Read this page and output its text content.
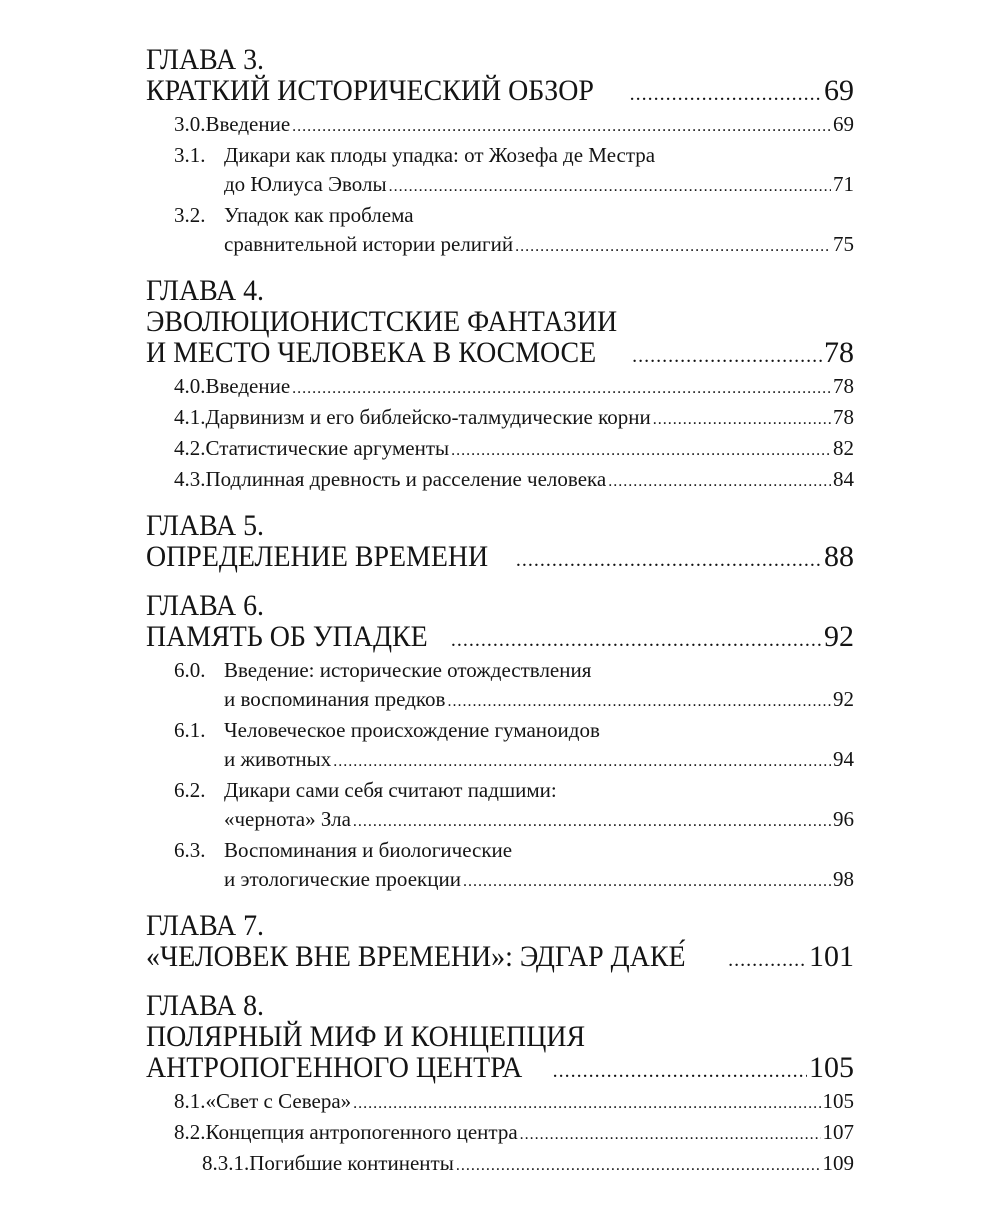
ГЛАВА 3.
КРАТКИЙ ИСТОРИЧЕСКИЙ ОБЗОР .....	69
3.0. Введение .....	69
3.1. Дикари как плоды упадка: от Жозефа де Местра
до Юлиуса Эволы .....	71
3.2. Упадок как проблема
сравнительной истории религий .....	75
ГЛАВА 4.
ЭВОЛЮЦИОНИСТСКИЕ ФАНТАЗИИ
И МЕСТО ЧЕЛОВЕКА В КОСМОСЕ .....	78
4.0. Введение .....	78
4.1. Дарвинизм и его библейско-талмудические корни .....	78
4.2. Статистические аргументы .....	82
4.3. Подлинная древность и расселение человека .....	84
ГЛАВА 5.
ОПРЕДЕЛЕНИЕ ВРЕМЕНИ .....	88
ГЛАВА 6.
ПАМЯТЬ ОБ УПАДКЕ .....	92
6.0. Введение: исторические отождествления
и воспоминания предков .....	92
6.1. Человеческое происхождение гуманоидов
и животных .....	94
6.2. Дикари сами себя считают падшими:
«чернота» Зла .....	96
6.3. Воспоминания и биологические
и этологические проекции .....	98
ГЛАВА 7.
«ЧЕЛОВЕК ВНЕ ВРЕМЕНИ»: ЭДГАР ДАКЕ́ .....	101
ГЛАВА 8.
ПОЛЯРНЫЙ МИФ И КОНЦЕПЦИЯ
АНТРОПОГЕННОГО ЦЕНТРА .....	105
8.1. «Свет с Севера» .....	105
8.2. Концепция антропогенного центра .....	107
8.3.1. Погибшие континенты .....	109
